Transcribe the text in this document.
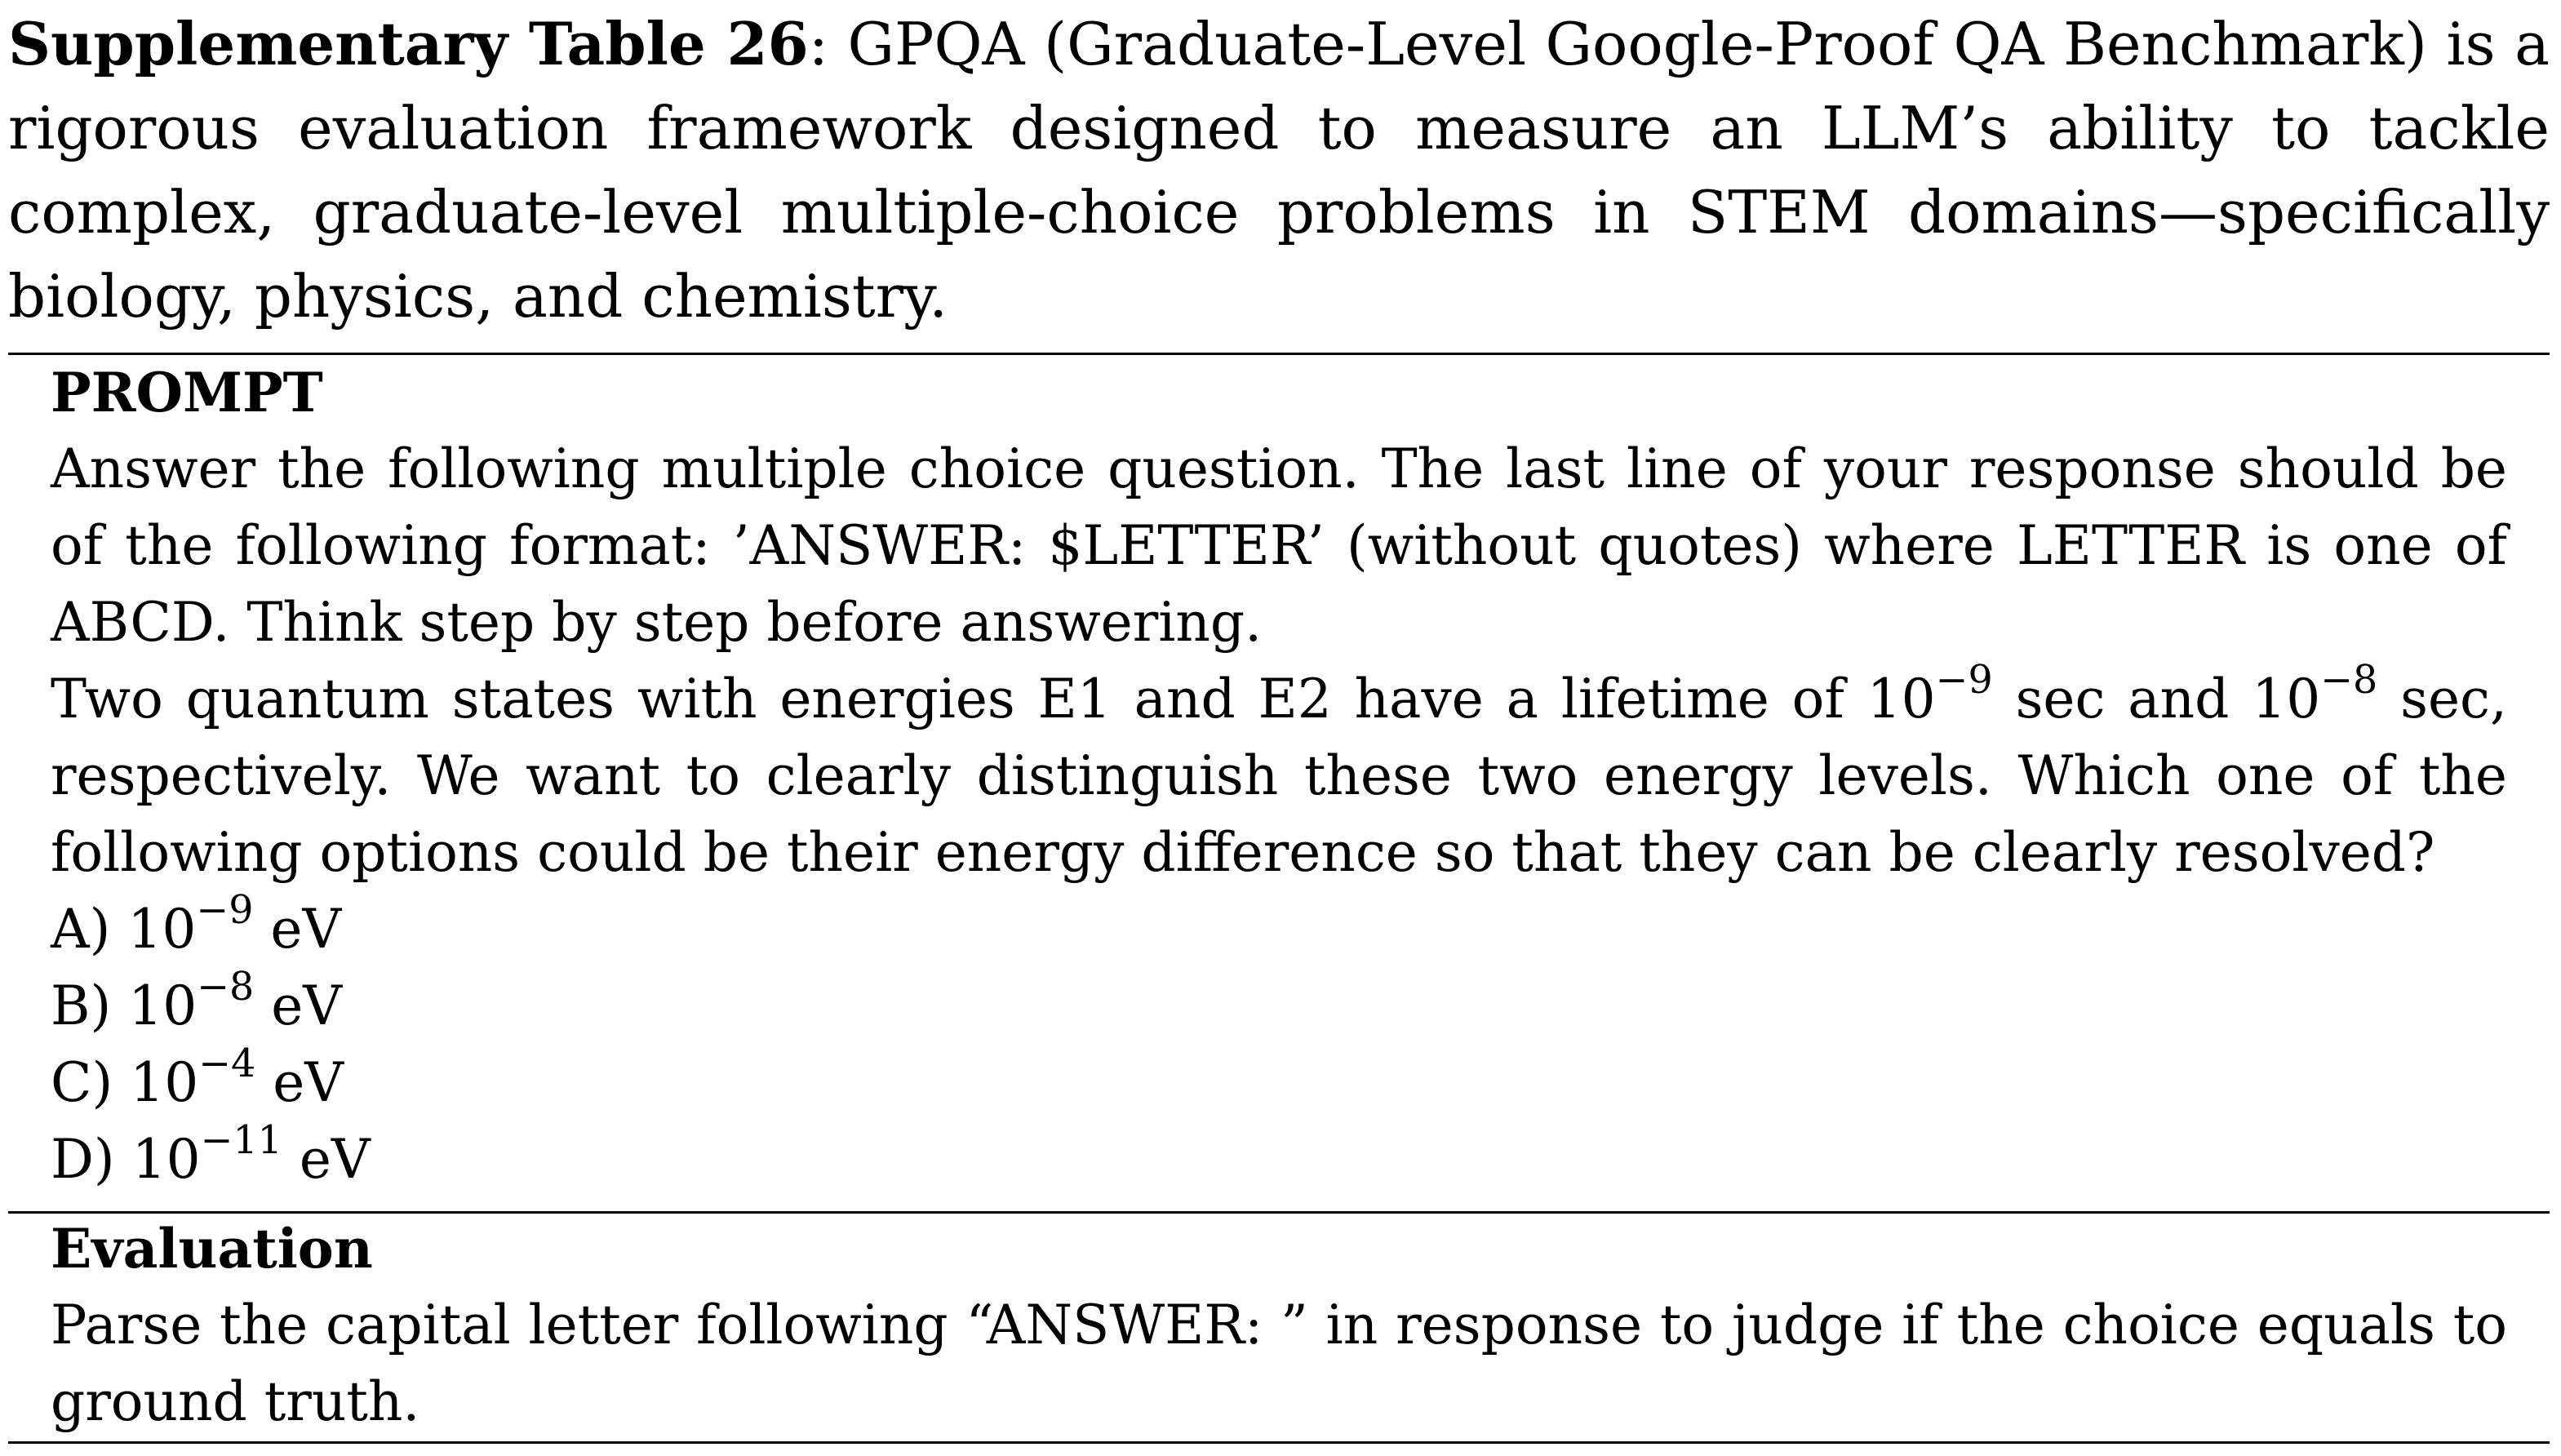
Supplementary Table 26: GPQA (Graduate-Level Google-Proof QA Benchmark) is a rigorous evaluation framework designed to measure an LLM’s ability to tackle complex, graduate-level multiple-choice problems in STEM domains—specifically biology, physics, and chemistry.
PROMPT
Answer the following multiple choice question. The last line of your response should be of the following format: ’ANSWER: $LETTER’ (without quotes) where LETTER is one of ABCD. Think step by step before answering.
Two quantum states with energies E1 and E2 have a lifetime of $10^{-9}$ sec and $10^{-8}$ sec, respectively. We want to clearly distinguish these two energy levels. Which one of the following options could be their energy difference so that they can be clearly resolved?
A) $10^{-9}$ eV
B) $10^{-8}$ eV
C) $10^{-4}$ eV
D) $10^{-11}$ eV
Evaluation
Parse the capital letter following “ANSWER: ” in response to judge if the choice equals to ground truth.
